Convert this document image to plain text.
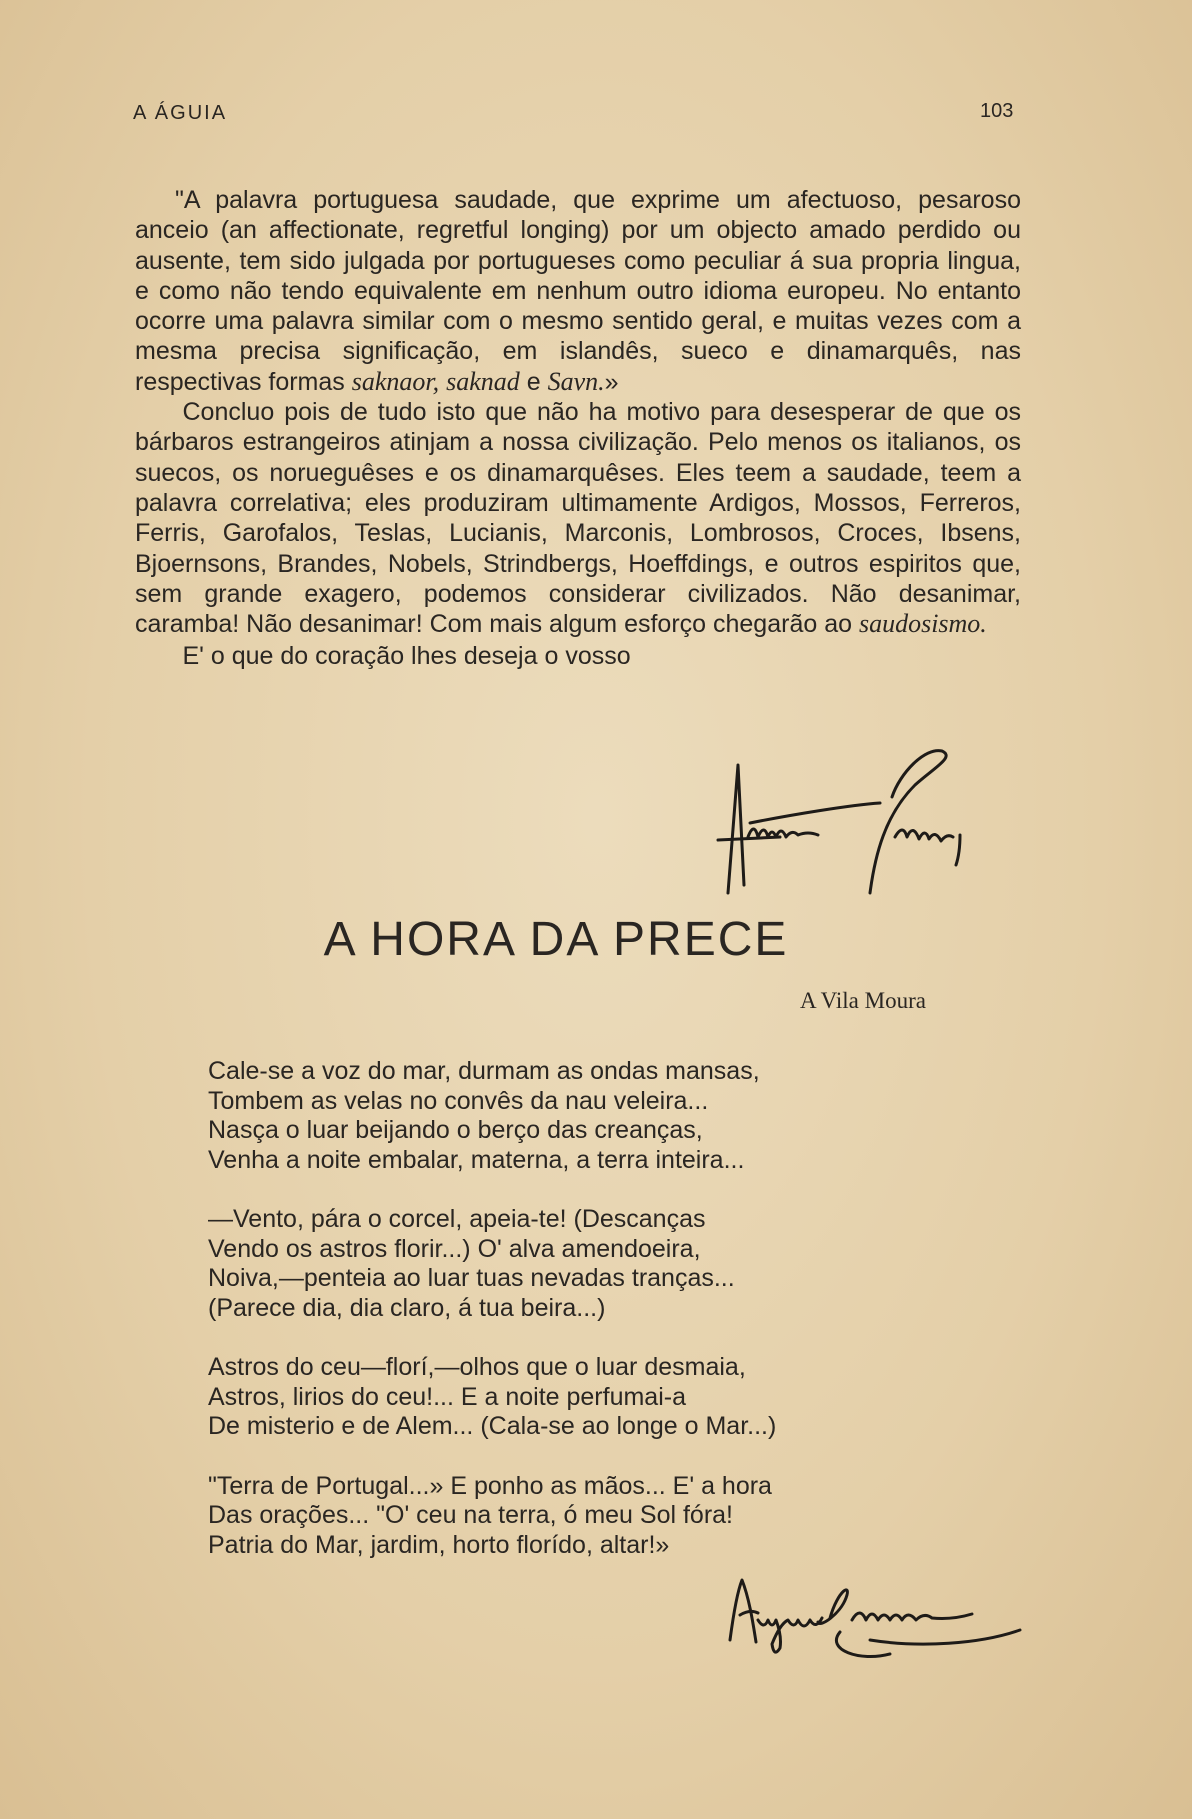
A ÁGUIA	103

"A palavra portuguesa saudade, que exprime um afectuoso, pesaroso anceio (an affectionate, regretful longing) por um objecto amado perdido ou ausente, tem sido julgada por portugueses como peculiar á sua propria lingua, e como não tendo equivalente em nenhum outro idioma europeu. No entanto ocorre uma palavra similar com o mesmo sentido geral, e muitas vezes com a mesma precisa significação, em islandês, sueco e dinamarquês, nas respectivas formas saknaor, saknad e Savn.»

Concluo pois de tudo isto que não ha motivo para desesperar de que os bárbaros estrangeiros atinjam a nossa civilização. Pelo menos os italianos, os suecos, os norueguêses e os dinamarquêses. Eles teem a saudade, teem a palavra correlativa; eles produziram ultimamente Ardigos, Mossos, Ferreros, Ferris, Garofalos, Teslas, Lucianis, Marconis, Lombrosos, Croces, Ibsens, Bjoernsons, Brandes, Nobels, Strindbergs, Hoeffdings, e outros espiritos que, sem grande exagero, podemos considerar civilizados. Não desanimar, caramba! Não desanimar! Com mais algum esforço chegarão ao saudosismo.

E' o que do coração lhes deseja o vosso

A HORA DA PRECE
A Vila Moura
Cale-se a voz do mar, durmam as ondas mansas,
Tombem as velas no convês da nau veleira...
Nasça o luar beijando o berço das creanças,
Venha a noite embalar, materna, a terra inteira...
—Vento, pára o corcel, apeia-te! (Descanças
Vendo os astros florir...) O' alva amendoeira,
Noiva,—penteia ao luar tuas nevadas tranças...
(Parece dia, dia claro, á tua beira...)
Astros do ceu—florí,—olhos que o luar desmaia,
Astros, lirios do ceu!... E a noite perfumai-a
De misterio e de Alem... (Cala-se ao longe o Mar...)
"Terra de Portugal...» E ponho as mãos... E' a hora
Das orações... "O' ceu na terra, ó meu Sol fóra!
Patria do Mar, jardim, horto florído, altar!»
